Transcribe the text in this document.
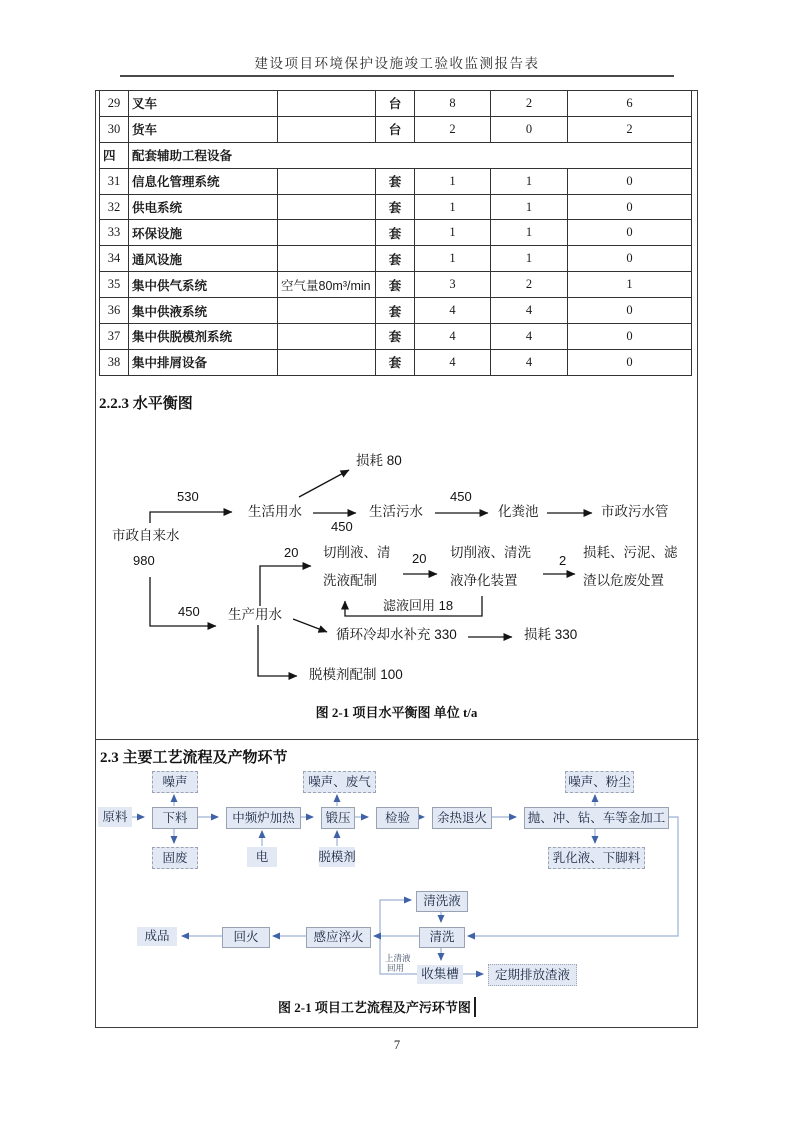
建设项目环境保护设施竣工验收监测报告表
29	叉车		台	8	2	6
30	货车		台	2	0	2
四	配套辅助工程设备					
31	信息化管理系统		套	1	1	0
32	供电系统		套	1	1	0
33	环保设施		套	1	1	0
34	通风设施		套	1	1	0
35	集中供气系统	空气量80m³/min	套	3	2	1
36	集中供液系统		套	4	4	0
37	集中供脱模剂系统		套	4	4	0
38	集中排屑设备		套	4	4	0
2.2.3 水平衡图
市政自来水
980
530
生活用水
损耗 80
450
生活污水
450
化粪池	市政污水管
20 切削液、清
洗液配制
20 切削液、清洗
液净化装置
2
损耗、污泥、滤
渣以危废处置
滤液回用 18
450 生产用水
循环冷却水补充 330	损耗 330
脱模剂配制 100
图 2-1 项目水平衡图 单位 t/a
2.3 主要工艺流程及产物环节
噪声	噪声、废气	噪声、粉尘
原料	下料	中频炉加热	锻压	检验	余热退火	抛、冲、钻、车等金加工
固废	电	脱模剂	乳化液、下脚料
清洗液
成品	回火	感应淬火	清洗
收集槽	定期排放渣液
上清液
回用
图 2-1 项目工艺流程及产污环节图
7
